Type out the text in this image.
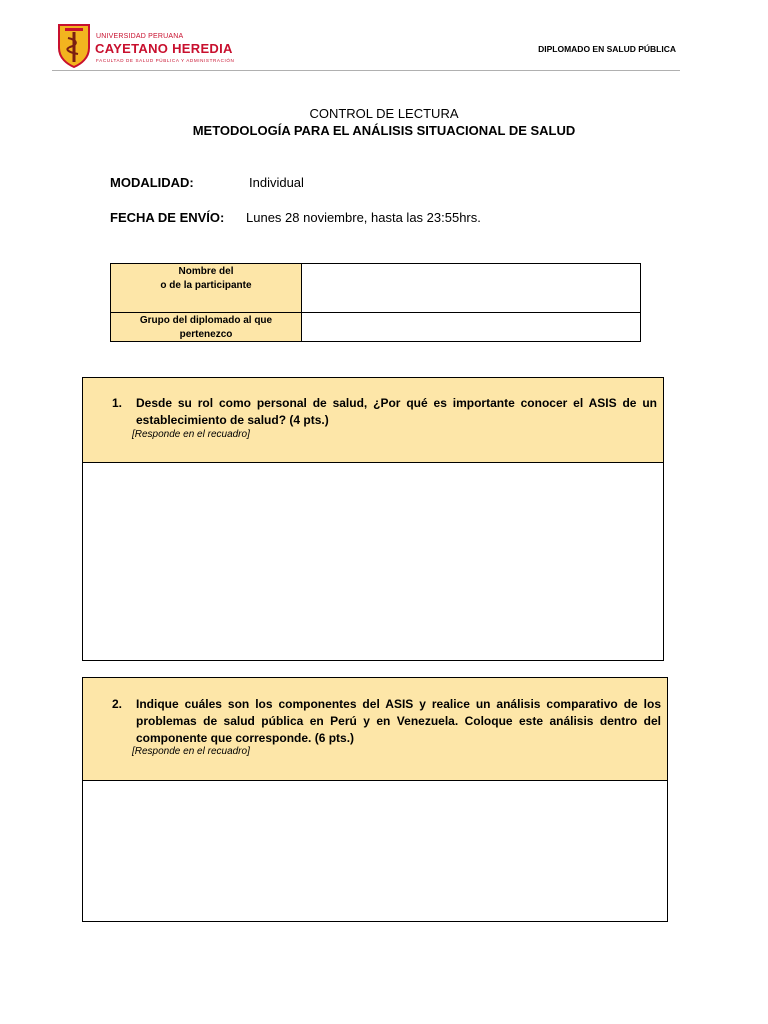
UNIVERSIDAD PERUANA
CAYETANO HEREDIA
FACULTAD DE SALUD PÚBLICA Y ADMINISTRACIÓN
DIPLOMADO EN SALUD PÚBLICA
CONTROL DE LECTURA
METODOLOGÍA PARA EL ANÁLISIS SITUACIONAL DE SALUD
MODALIDAD:	Individual
FECHA DE ENVÍO: Lunes 28 noviembre, hasta las 23:55hrs.
Nombre del
o de la participante
Grupo del diplomado al que
pertenezco
1. Desde su rol como personal de salud, ¿Por qué es importante conocer el ASIS de un establecimiento de salud? (4 pts.)
[Responde en el recuadro]
2. Indique cuáles son los componentes del ASIS y realice un análisis comparativo de los problemas de salud pública en Perú y en Venezuela. Coloque este análisis dentro del componente que corresponde. (6 pts.)
[Responde en el recuadro]
